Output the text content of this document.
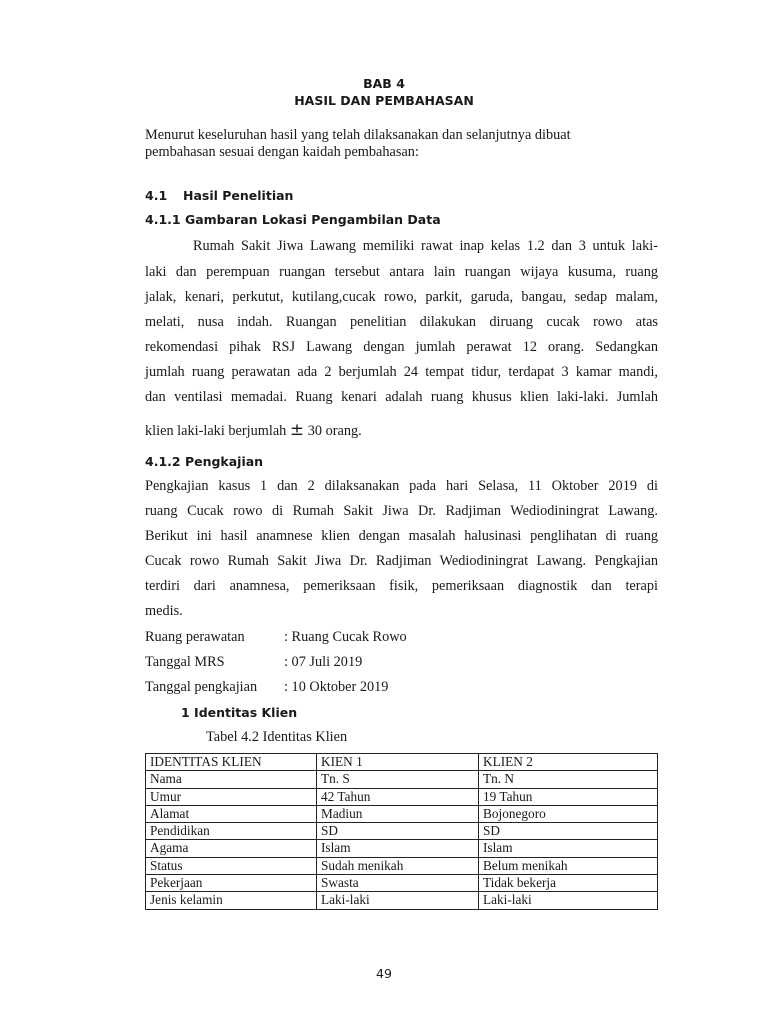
BAB 4
HASIL DAN PEMBAHASAN
Menurut keseluruhan hasil yang telah dilaksanakan dan selanjutnya dibuat
pembahasan sesuai dengan kaidah pembahasan:
4.1 Hasil Penelitian
4.1.1 Gambaran Lokasi Pengambilan Data
Rumah Sakit Jiwa Lawang memiliki rawat inap kelas 1.2 dan 3 untuk laki-
laki dan perempuan ruangan tersebut antara lain ruangan wijaya kusuma, ruang
jalak, kenari, perkutut, kutilang,cucak rowo, parkit, garuda, bangau, sedap malam,
melati, nusa indah. Ruangan penelitian dilakukan diruang cucak rowo atas
rekomendasi pihak RSJ Lawang dengan jumlah perawat 12 orang. Sedangkan
jumlah ruang perawatan ada 2 berjumlah 24 tempat tidur, terdapat 3 kamar mandi,
dan ventilasi memadai. Ruang kenari adalah ruang khusus klien laki-laki. Jumlah
klien laki-laki berjumlah ± 30 orang.
4.1.2 Pengkajian
Pengkajian kasus 1 dan 2 dilaksanakan pada hari Selasa, 11 Oktober 2019 di
ruang Cucak rowo di Rumah Sakit Jiwa Dr. Radjiman Wediodiningrat Lawang.
Berikut ini hasil anamnese klien dengan masalah halusinasi penglihatan di ruang
Cucak rowo Rumah Sakit Jiwa Dr. Radjiman Wediodiningrat Lawang. Pengkajian
terdiri dari anamnesa, pemeriksaan fisik, pemeriksaan diagnostik dan terapi
medis.
Ruang perawatan	: Ruang Cucak Rowo
Tanggal MRS	: 07 Juli 2019
Tanggal pengkajian : 10 Oktober 2019
1 Identitas Klien
Tabel 4.2 Identitas Klien
IDENTITAS KLIEN	KIEN 1	KLIEN 2
Nama	Tn. S	Tn. N
Umur	42 Tahun	19 Tahun
Alamat	Madiun	Bojonegoro
Pendidikan	SD	SD
Agama	Islam	Islam
Status	Sudah menikah	Belum menikah
Pekerjaan	Swasta	Tidak bekerja
Jenis kelamin	Laki-laki	Laki-laki
49
